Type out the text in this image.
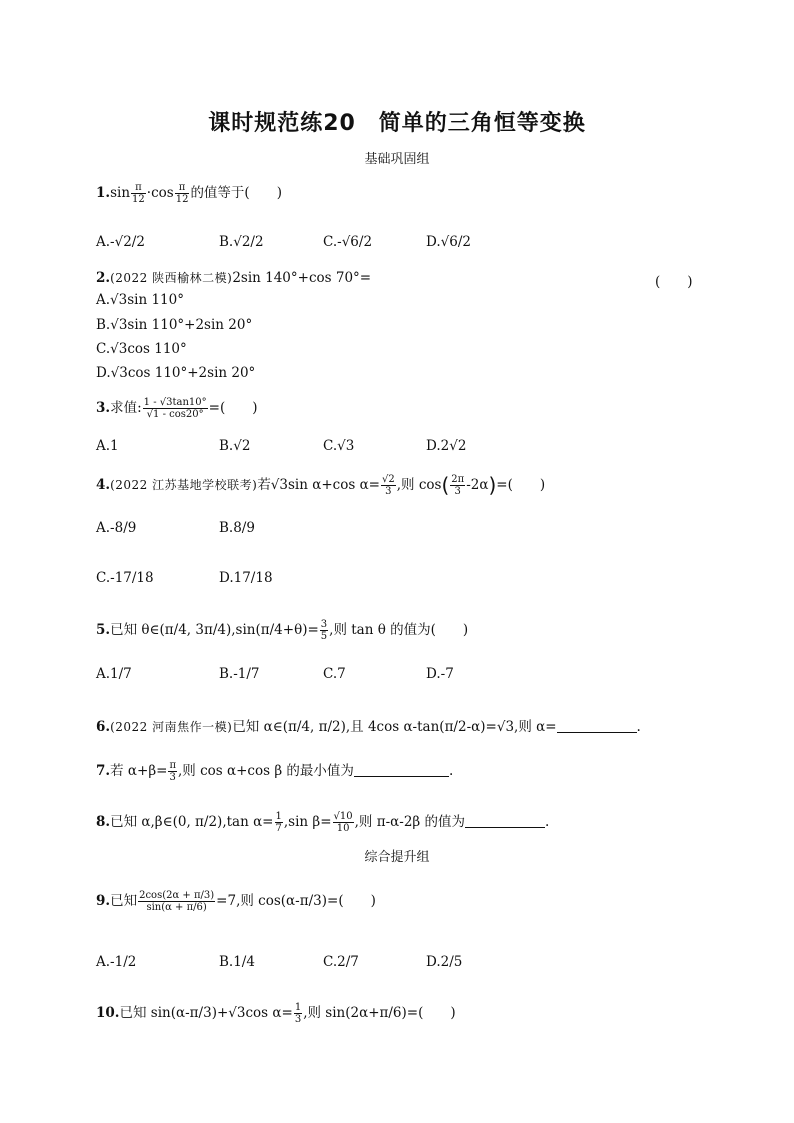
课时规范练20　简单的三角恒等变换
基础巩固组
$1.\sin \frac{\pi}{12} \cdot\cos \frac{\pi}{12}$ 的值等于(　　)
A.-√2/2	B.√2/2	C.-√6/2	D.√6/2
2.(2022 陕西榆林二模)2sin 140°+cos 70°=	(　　)
A.√3sin 110°
B.√3sin 110°+2sin 20°
C.√3cos 110°
D.√3cos 110°+2sin 20°
3.求值: $\frac{1 - √3\tan 10^\circ}{√1 - \cos 20^\circ}$ =(　　)
A.1	B.√2	C.√3	D.2√2
4.(2022 江苏基地学校联考)若√3sin α+cos $\alpha= \frac{√2}{3}$ ,则 $\cos( \frac{2\pi}{3} -2\alpha)=$(　　)
A.-8/9	B.8/9
C.-17/18	D.17/18
5.已知 θ∈(π/4, $3\pi/4),\sin(\pi/4+\theta)= \frac{3}{5}$ ,则 tan θ 的值为(　　)
A.1/7	B.-1/7	C.7	D.-7
6.(2022 河南焦作一模)已知 α∈(π/4, π/2),且 4cos α-tan(π/2-α)=√3,则 α=	.
7.若 $\alpha+\beta= \frac{\pi}{3}$ ,则 cos α+cos β 的最小值为	.
8.已知 α,β∈(0, π/2),tan $\alpha= \frac{1}{7} ,\sin$ $\beta= \frac{√10}{10}$ ,则 π-α-2β 的值为	.
综合提升组
9.已知 $\frac{2\cos(2\alpha + \pi/3)}{\sin(\alpha + \pi/6)} =7$,则 cos(α-π/3)=(　　)
A.-1/2	B.1/4	C.2/7	D.2/5
10.已知 sin(α-π/3)+√3cos $\alpha= \frac{1}{3}$ ,则 sin(2α+π/6)=(　　)
